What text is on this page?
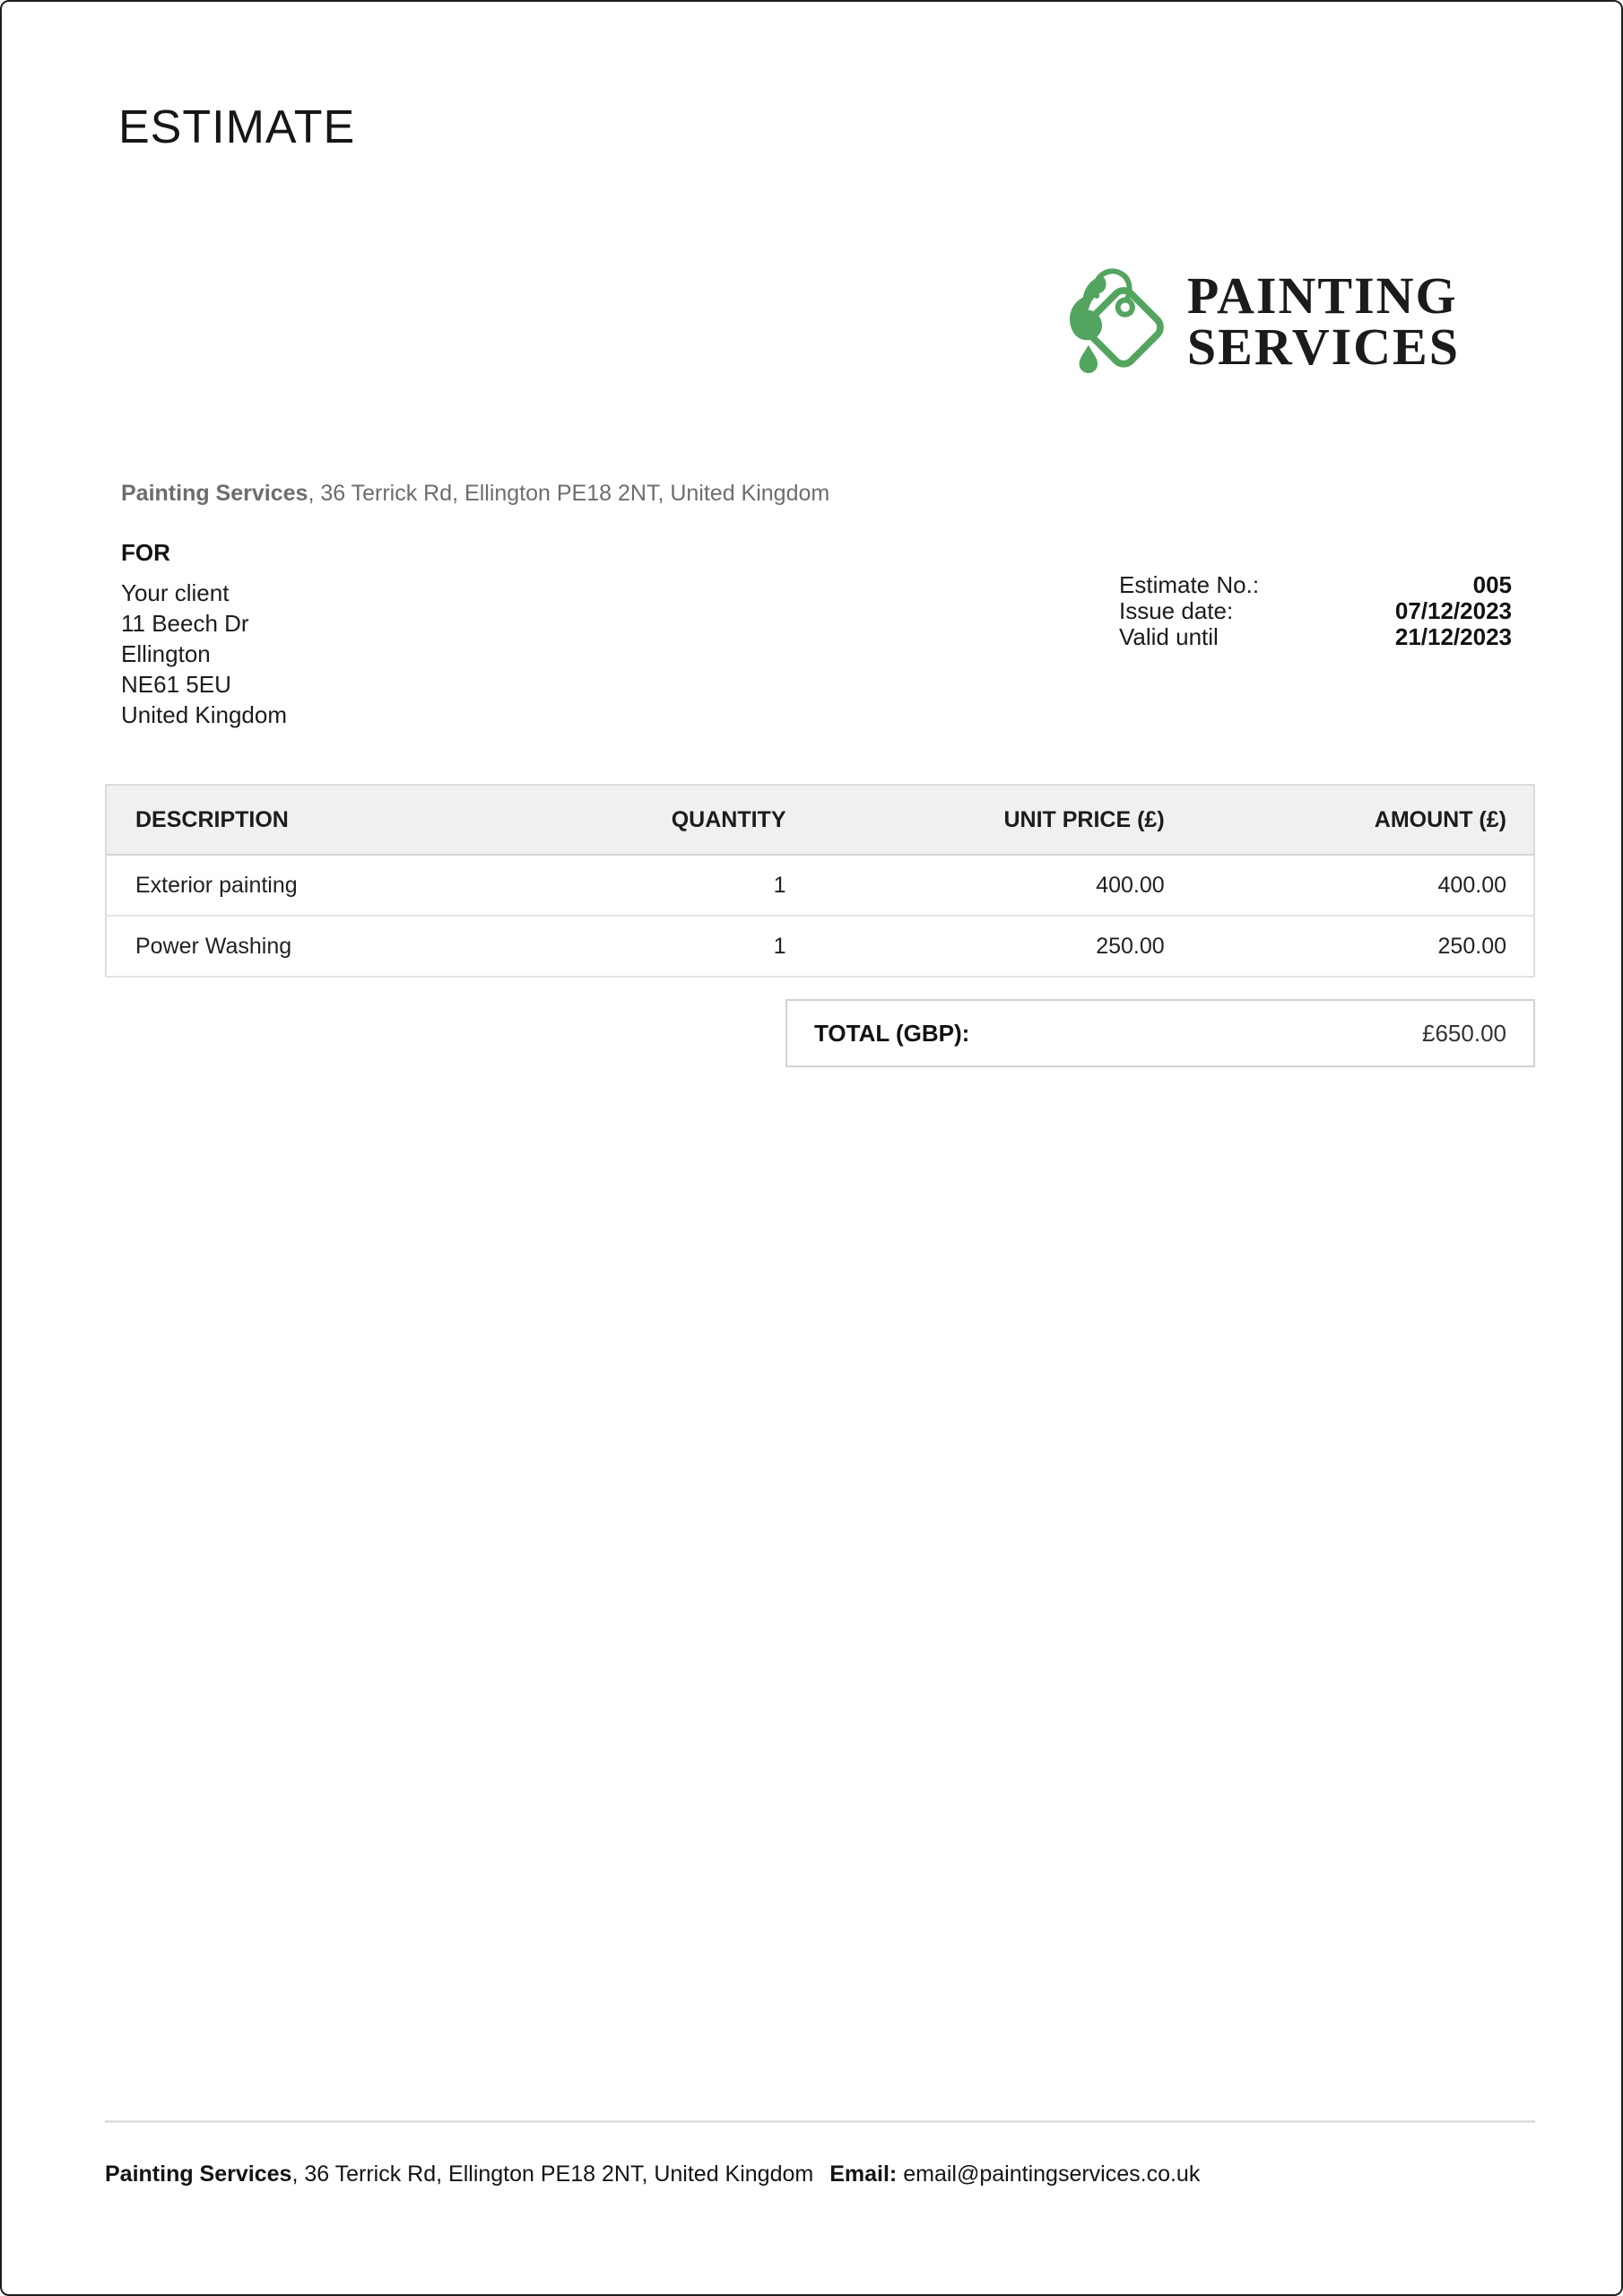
ESTIMATE
PAINTING
SERVICES

Painting Services, 36 Terrick Rd, Ellington PE18 2NT, United Kingdom

FOR
Your client
11 Beech Dr
Ellington
NE61 5EU
United Kingdom
Estimate No.:	005
Issue date:	07/12/2023
Valid until	21/12/2023
DESCRIPTION	QUANTITY	UNIT PRICE (£)	AMOUNT (£)
Exterior painting	1	400.00	400.00
Power Washing	1	250.00	250.00
TOTAL (GBP):	£650.00

Painting Services, 36 Terrick Rd, Ellington PE18 2NT, United Kingdom Email: email@paintingservices.co.uk
